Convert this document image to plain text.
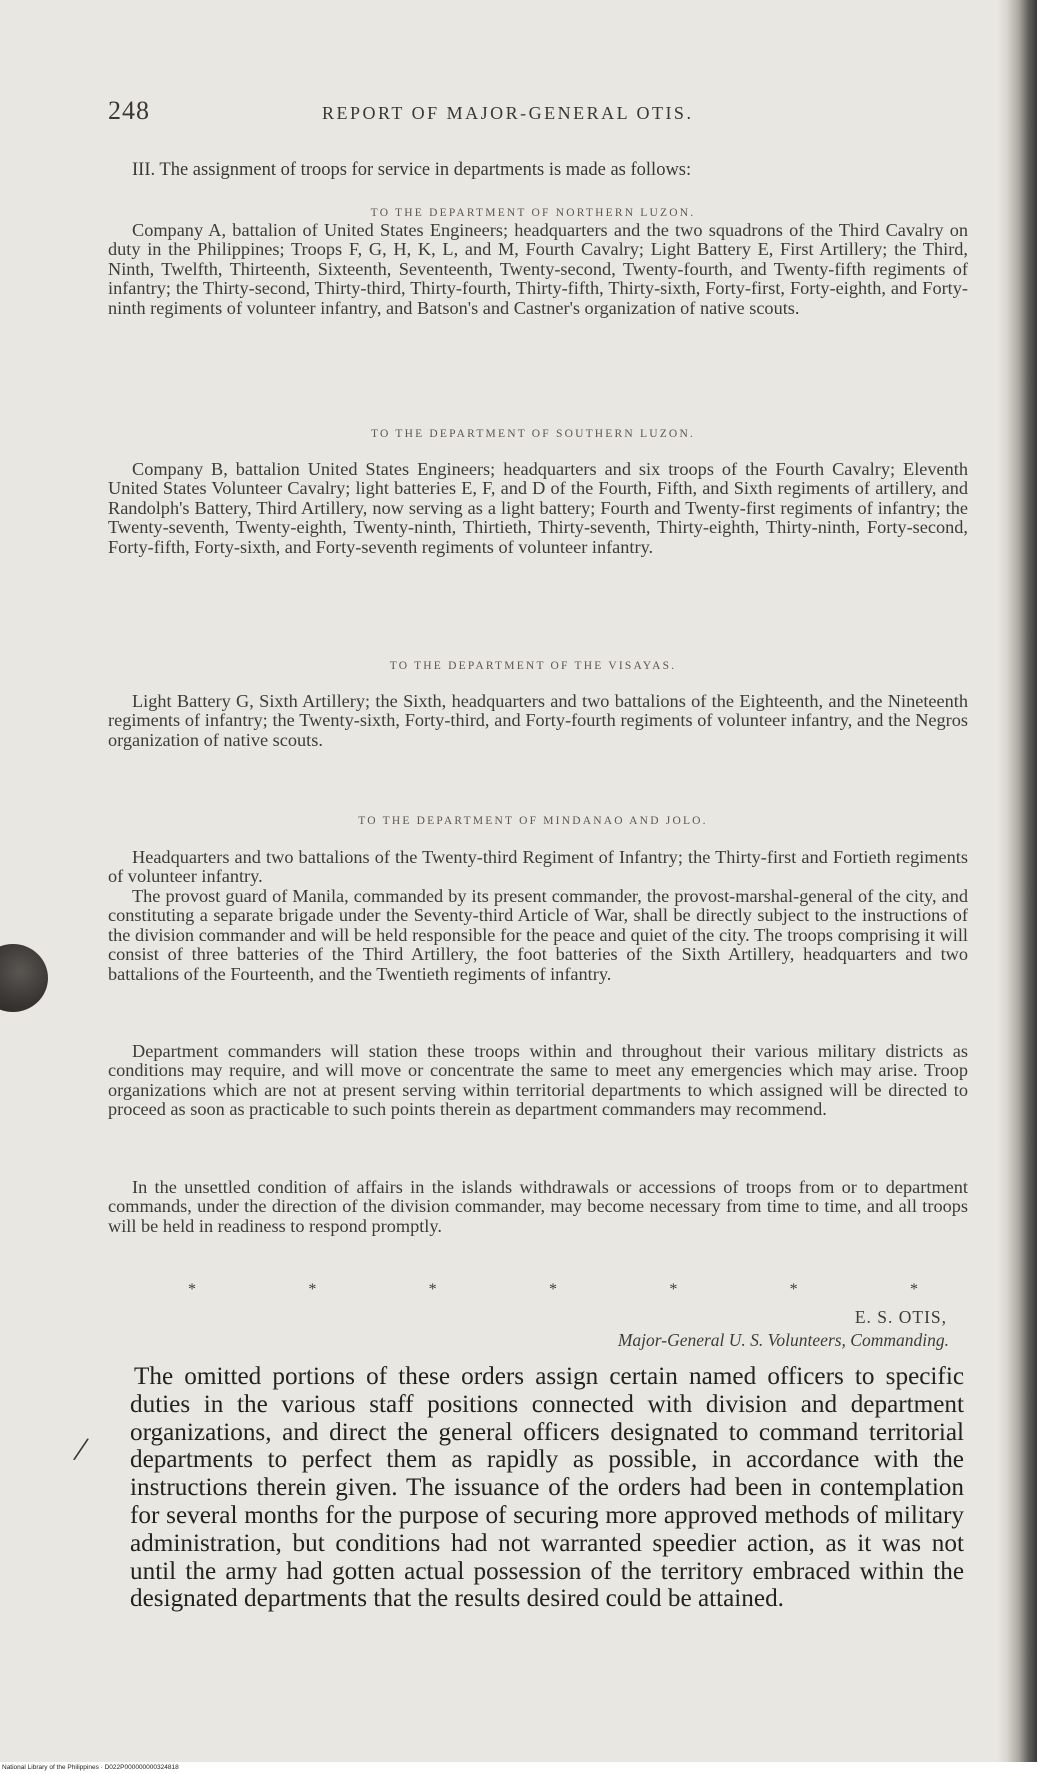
248	REPORT OF MAJOR-GENERAL OTIS.
III. The assignment of troops for service in departments is made as follows:
TO THE DEPARTMENT OF NORTHERN LUZON.

Company A, battalion of United States Engineers; headquarters and the two squadrons of the Third Cavalry on duty in the Philippines; Troops F, G, H, K, L, and M, Fourth Cavalry; Light Battery E, First Artillery; the Third, Ninth, Twelfth, Thirteenth, Sixteenth, Seventeenth, Twenty-second, Twenty-fourth, and Twenty-fifth regiments of infantry; the Thirty-second, Thirty-third, Thirty-fourth, Thirty-fifth, Thirty-sixth, Forty-first, Forty-eighth, and Forty-ninth regiments of volunteer infantry, and Batson's and Castner's organization of native scouts.

TO THE DEPARTMENT OF SOUTHERN LUZON.

Company B, battalion United States Engineers; headquarters and six troops of the Fourth Cavalry; Eleventh United States Volunteer Cavalry; light batteries E, F, and D of the Fourth, Fifth, and Sixth regiments of artillery, and Randolph's Battery, Third Artillery, now serving as a light battery; Fourth and Twenty-first regiments of infantry; the Twenty-seventh, Twenty-eighth, Twenty-ninth, Thirtieth, Thirty-seventh, Thirty-eighth, Thirty-ninth, Forty-second, Forty-fifth, Forty-sixth, and Forty-seventh regiments of volunteer infantry.

TO THE DEPARTMENT OF THE VISAYAS.

Light Battery G, Sixth Artillery; the Sixth, headquarters and two battalions of the Eighteenth, and the Nineteenth regiments of infantry; the Twenty-sixth, Forty-third, and Forty-fourth regiments of volunteer infantry, and the Negros organization of native scouts.

TO THE DEPARTMENT OF MINDANAO AND JOLO.

Headquarters and two battalions of the Twenty-third Regiment of Infantry; the Thirty-first and Fortieth regiments of volunteer infantry.

The provost guard of Manila, commanded by its present commander, the provost-marshal-general of the city, and constituting a separate brigade under the Seventy-third Article of War, shall be directly subject to the instructions of the division commander and will be held responsible for the peace and quiet of the city. The troops comprising it will consist of three batteries of the Third Artillery, the foot batteries of the Sixth Artillery, headquarters and two battalions of the Fourteenth, and the Twentieth regiments of infantry.

Department commanders will station these troops within and throughout their various military districts as conditions may require, and will move or concentrate the same to meet any emergencies which may arise. Troop organizations which are not at present serving within territorial departments to which assigned will be directed to proceed as soon as practicable to such points therein as department commanders may recommend.

In the unsettled condition of affairs in the islands withdrawals or accessions of troops from or to department commands, under the direction of the division commander, may become necessary from time to time, and all troops will be held in readiness to respond promptly.

*	*	*	*	*	*	*
E. S. OTIS,
Major-General U. S. Volunteers, Commanding.
/

The omitted portions of these orders assign certain named officers to specific duties in the various staff positions connected with division and department organizations, and direct the general officers designated to command territorial departments to perfect them as rapidly as possible, in accordance with the instructions therein given. The issuance of the orders had been in contemplation for several months for the purpose of securing more approved methods of military administration, but conditions had not warranted speedier action, as it was not until the army had gotten actual possession of the territory embraced within the designated departments that the results desired could be attained.

National Library of the Philippines · D022P000000000324818
